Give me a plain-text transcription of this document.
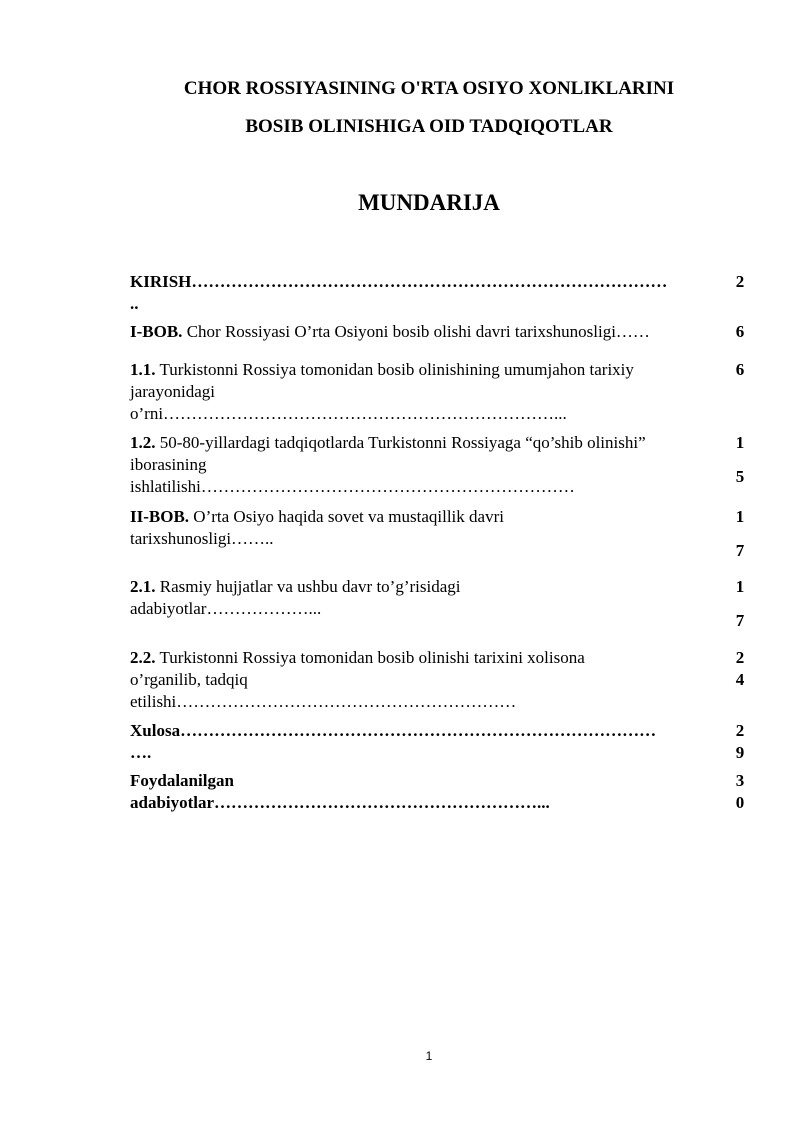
CHOR ROSSIYASINING O'RTA OSIYO XONLIKLARINI
BOSIB OLINISHIGA OID TADQIQOTLAR
MUNDARIJA
KIRISH…………………………………………………………………………
..
2
I-BOB. Chor Rossiyasi O’rta Osiyoni bosib olishi davri tarixshunosligi……	6
1.1. Turkistonni Rossiya tomonidan bosib olinishining umumjahon tarixiy
jarayonidagi
o’rni……………………………………………………………...
6
1.2. 50-80-yillardagi tadqiqotlarda Turkistonni Rossiyaga “qo’shib olinishi”
iborasining
ishlatilishi…………………………………………………………
1
5
II-BOB. O’rta Osiyo haqida sovet va mustaqillik davri
tarixshunosligi……..
1
7
2.1. Rasmiy hujjatlar va ushbu davr to’g’risidagi
adabiyotlar………………...
1
7
2.2. Turkistonni Rossiya tomonidan bosib olinishi tarixini xolisona
o’rganilib, tadqiq
etilishi……………………………………………………
2
4
Xulosa…………………………………………………………………………
….
2
9
Foydalanilgan
adabiyotlar…………………………………………………...
3
0
1
